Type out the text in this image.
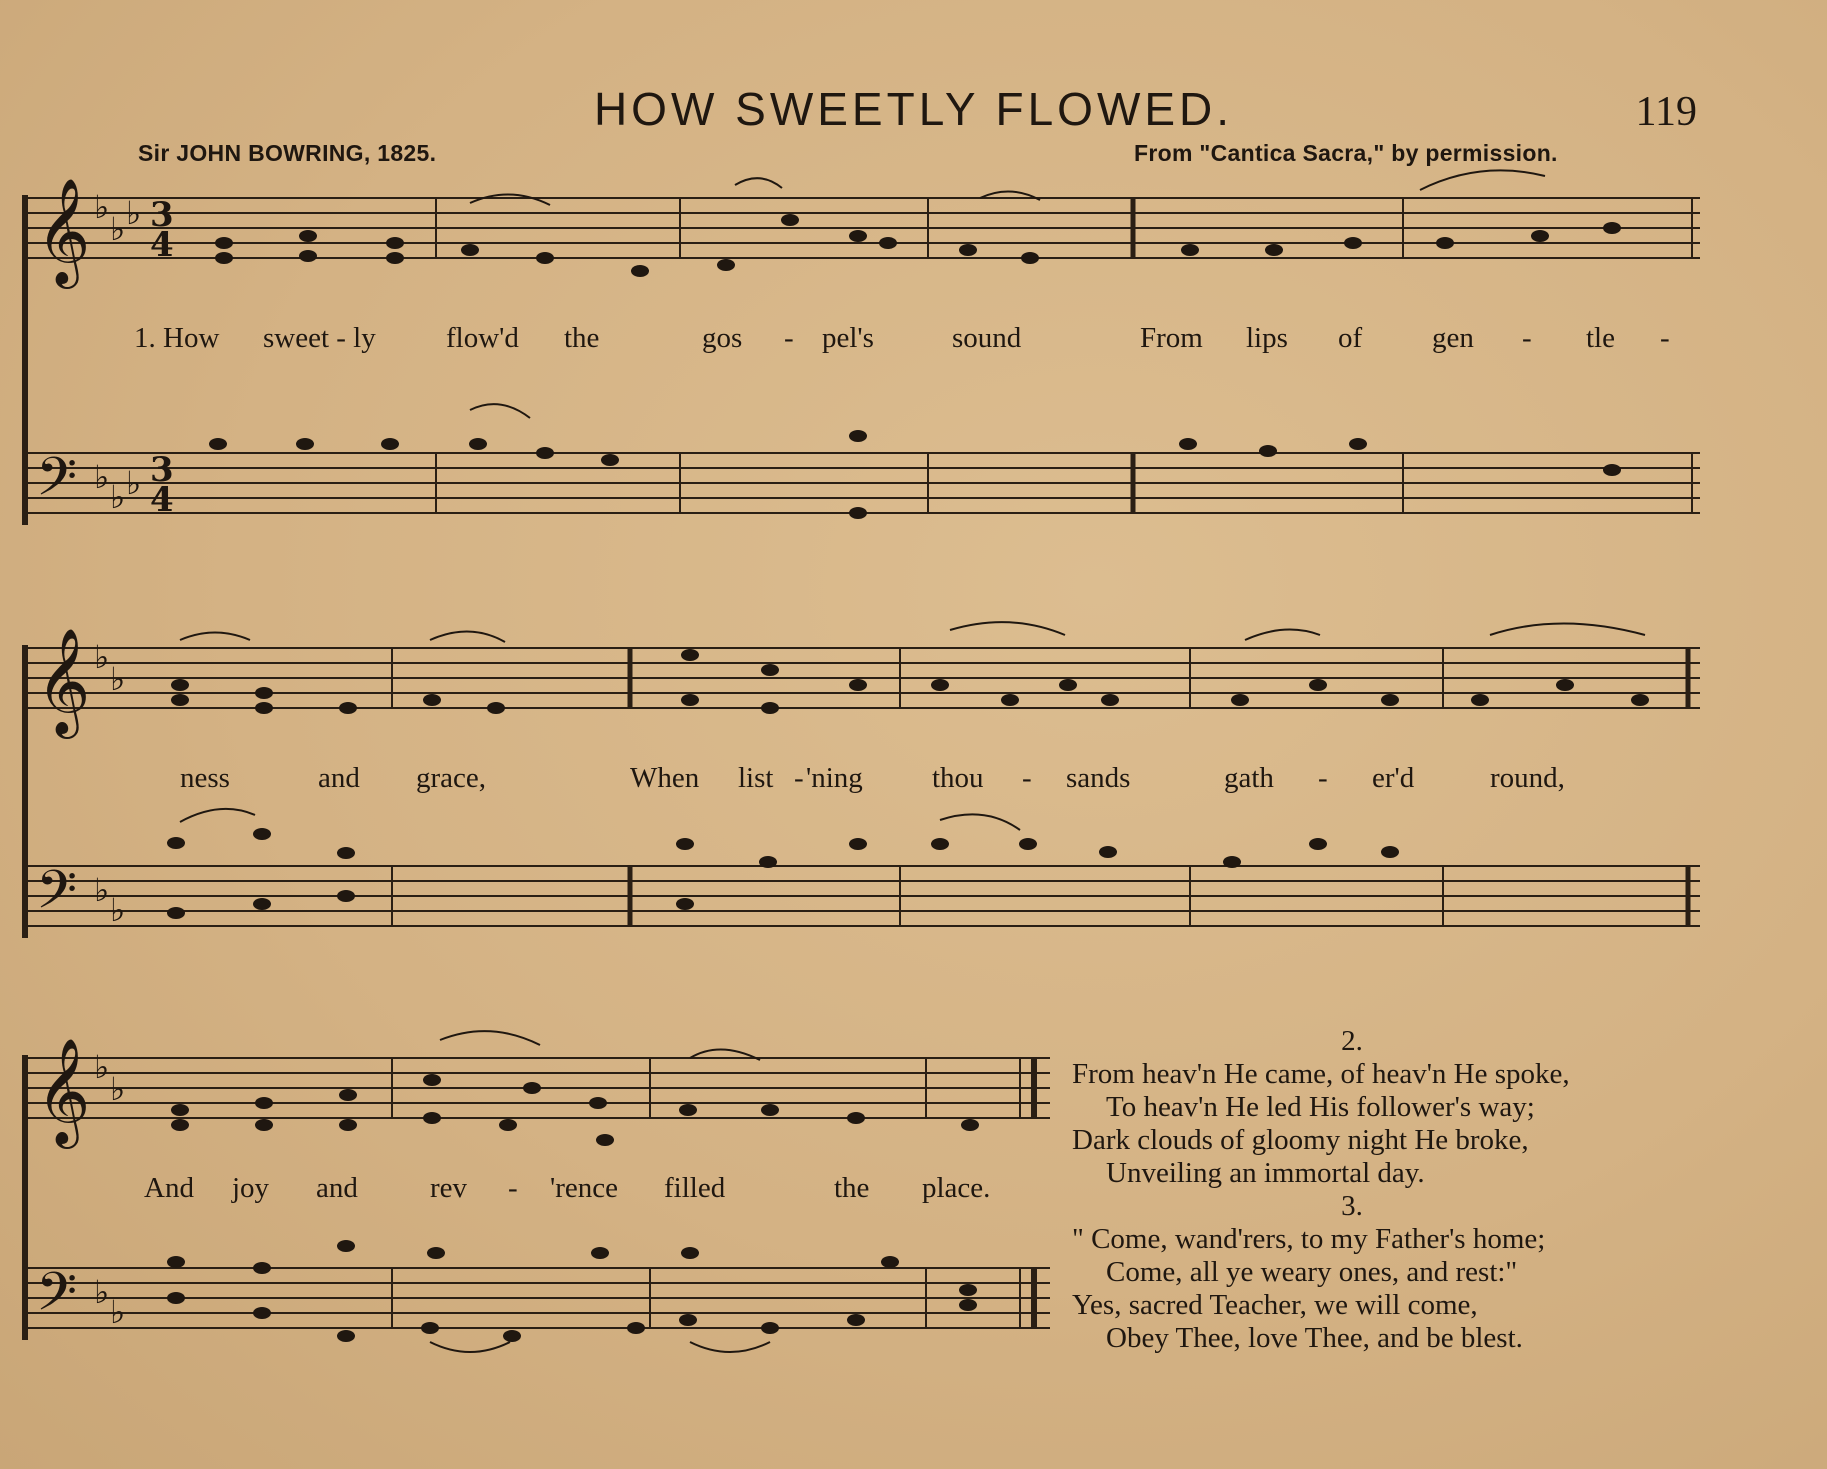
HOW SWEETLY FLOWED.	119
Sir JOHN BOWRING, 1825.	From "Cantica Sacra," by permission.
𝄞
𝄢
♭
♭ ♭
♭
♭ ♭
3
4
3
4
1. How sweet - ly flow'd the	gos - pel's	sound	From lips of gen - tle -
𝄞
𝄢
♭
♭
♭
♭
ness	and grace,	When list - 'ning thou - sands	gath - er'd	round,
𝄞
𝄢
♭
♭
♭
♭
And joy and rev - 'rence filled	the place.
2.
From heav'n He came, of heav'n He spoke,
To heav'n He led His follower's way;
Dark clouds of gloomy night He broke,
Unveiling an immortal day.
3.
" Come, wand'rers, to my Father's home;
Come, all ye weary ones, and rest:"
Yes, sacred Teacher, we will come,
Obey Thee, love Thee, and be blest.
